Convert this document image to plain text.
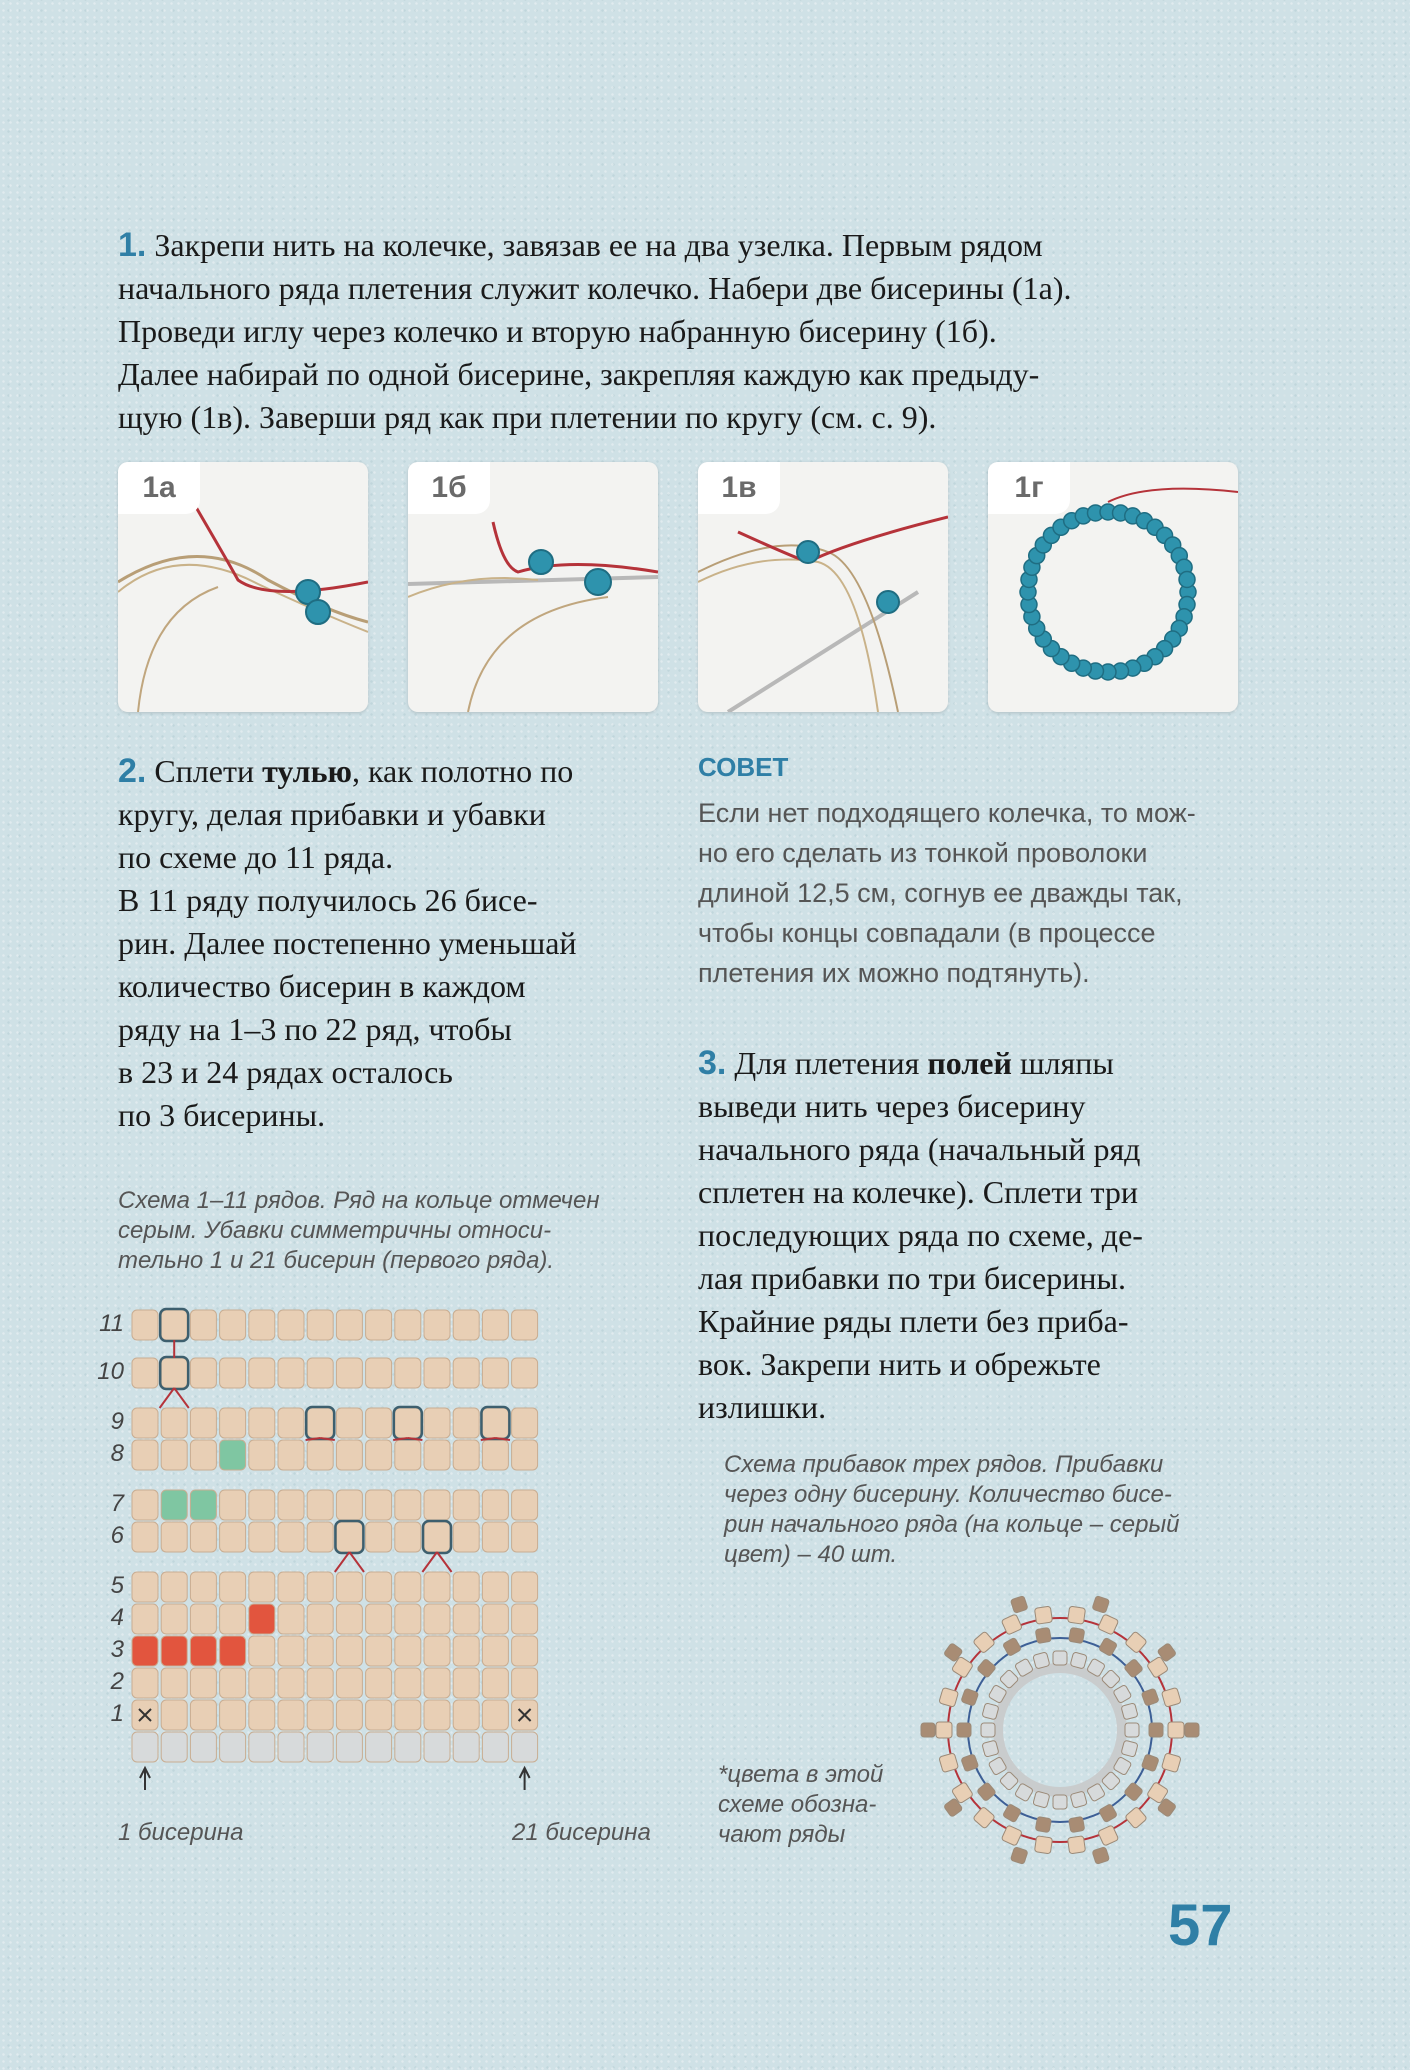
1. Закрепи нить на колечке, завязав ее на два узелка. Первым рядом
начального ряда плетения служит колечко. Набери две бисерины (1а).
Проведи иглу через колечко и вторую набранную бисерину (1б).
Далее набирай по одной бисерине, закрепляя каждую как предыду-
щую (1в). Заверши ряд как при плетении по кругу (см. с. 9).
1а	1б	1в	1г
2. Сплети тулью, как полотно по
кругу, делая прибавки и убавки
по схеме до 11 ряда.
В 11 ряду получилось 26 бисе-
рин. Далее постепенно уменьшай
количество бисерин в каждом
ряду на 1–3 по 22 ряд, чтобы
в 23 и 24 рядах осталось
по 3 бисерины.
СОВЕТ
Если нет подходящего колечка, то мож-
но его сделать из тонкой проволоки
длиной 12,5 см, согнув ее дважды так,
чтобы концы совпадали (в процессе
плетения их можно подтянуть).
3. Для плетения полей шляпы
выведи нить через бисерину
начального ряда (начальный ряд
сплетен на колечке). Сплети три
последующих ряда по схеме, де-
лая прибавки по три бисерины.
Крайние ряды плети без приба-
вок. Закрепи нить и обрежьте
излишки.
Схема 1–11 рядов. Ряд на кольце отмечен
серым. Убавки симметричны относи-
тельно 1 и 21 бисерин (первого ряда).
11
10
9
8
7
6
5
4
3
2
1
1 бисерина	21 бисерина
Схема прибавок трех рядов. Прибавки
через одну бисерину. Количество бисе-
рин начального ряда (на кольце – серый
цвет) – 40 шт.
*цвета в этой
схеме обозна-
чают ряды
57
